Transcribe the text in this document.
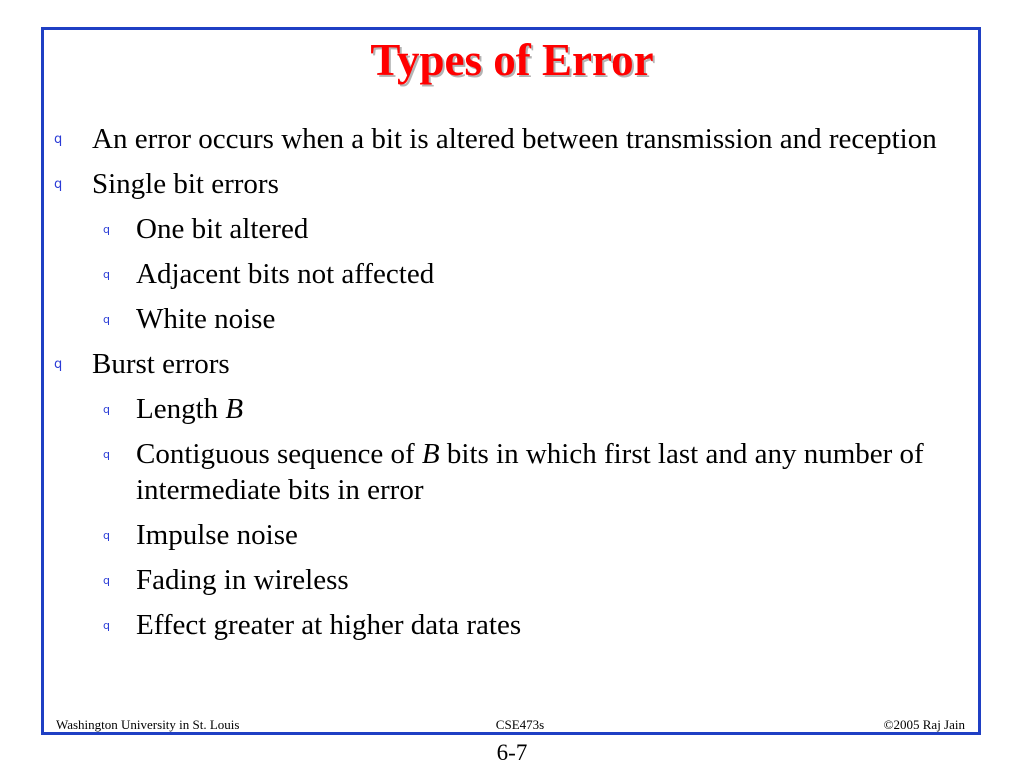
Types of Error
q An error occurs when a bit is altered between transmission and reception
q Single bit errors
q One bit altered
q Adjacent bits not affected
q White noise
q Burst errors
q Length B
q Contiguous sequence of B bits in which first last and any number of intermediate bits in error
q Impulse noise
q Fading in wireless
q Effect greater at higher data rates
Washington University in St. Louis	CSE473s	©2005 Raj Jain
6-7
